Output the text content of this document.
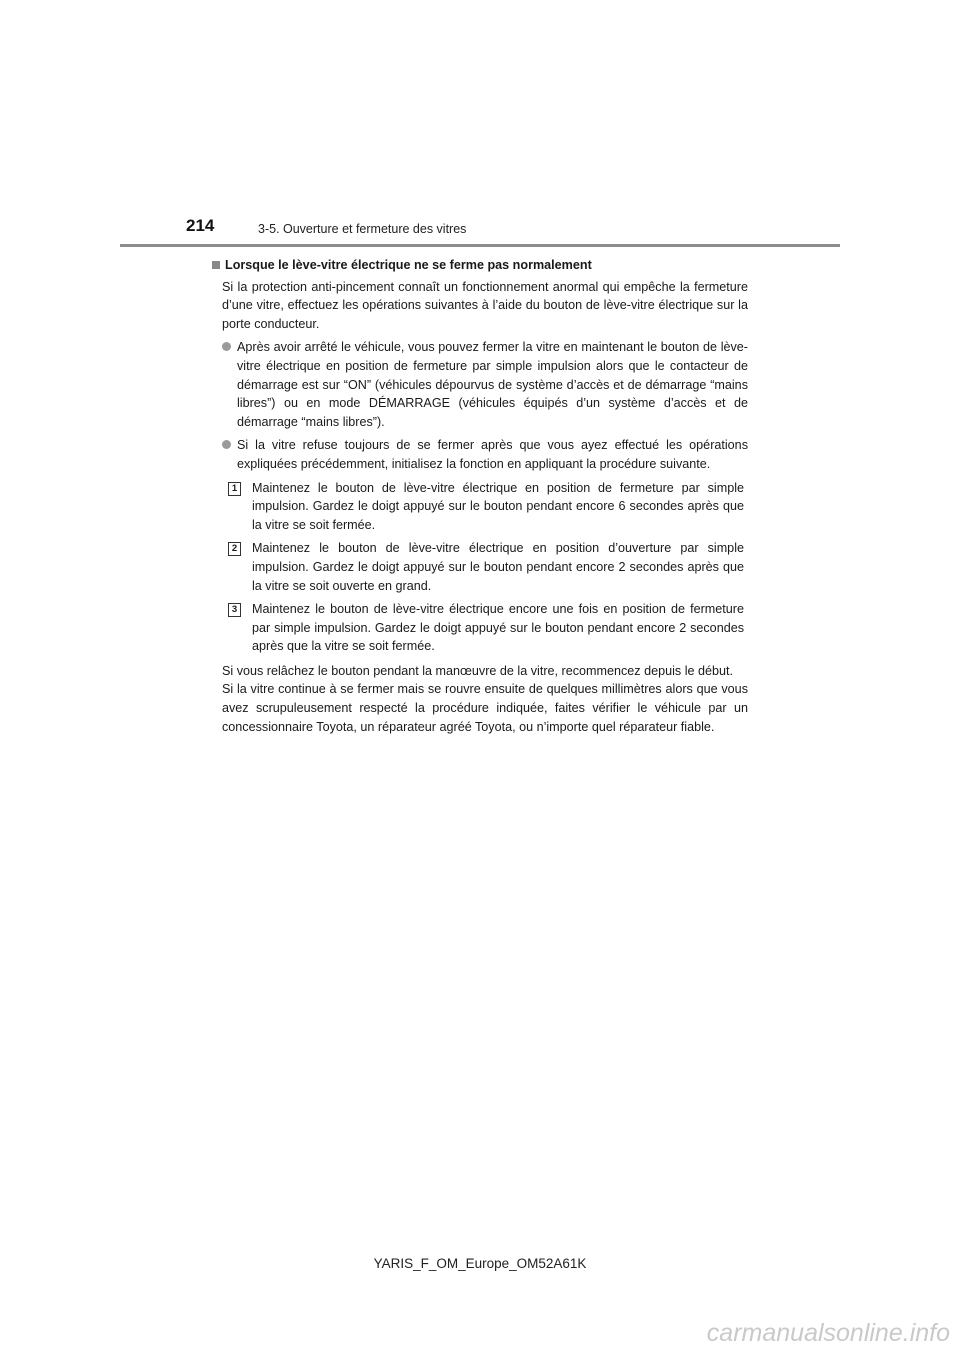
214	3-5. Ouverture et fermeture des vitres
Lorsque le lève-vitre électrique ne se ferme pas normalement
Si la protection anti-pincement connaît un fonctionnement anormal qui empêche la fermeture d’une vitre, effectuez les opérations suivantes à l’aide du bouton de lève-vitre électrique sur la porte conducteur.
Après avoir arrêté le véhicule, vous pouvez fermer la vitre en maintenant le bouton de lève-vitre électrique en position de fermeture par simple impulsion alors que le contacteur de démarrage est sur “ON” (véhicules dépourvus de système d’accès et de démarrage “mains libres”) ou en mode DÉMARRAGE (véhicules équipés d’un système d’accès et de démarrage “mains libres”).
Si la vitre refuse toujours de se fermer après que vous ayez effectué les opérations expliquées précédemment, initialisez la fonction en appliquant la procédure suivante.
1	Maintenez le bouton de lève-vitre électrique en position de fermeture par simple impulsion. Gardez le doigt appuyé sur le bouton pendant encore 6 secondes après que la vitre se soit fermée.
2	Maintenez le bouton de lève-vitre électrique en position d’ouverture par simple impulsion. Gardez le doigt appuyé sur le bouton pendant encore 2 secondes après que la vitre se soit ouverte en grand.
3	Maintenez le bouton de lève-vitre électrique encore une fois en position de fermeture par simple impulsion. Gardez le doigt appuyé sur le bouton pendant encore 2 secondes après que la vitre se soit fermée.
Si vous relâchez le bouton pendant la manœuvre de la vitre, recommencez depuis le début.
Si la vitre continue à se fermer mais se rouvre ensuite de quelques millimètres alors que vous avez scrupuleusement respecté la procédure indiquée, faites vérifier le véhicule par un concessionnaire Toyota, un réparateur agréé Toyota, ou n’importe quel réparateur fiable.
YARIS_F_OM_Europe_OM52A61K
carmanualsonline.info
